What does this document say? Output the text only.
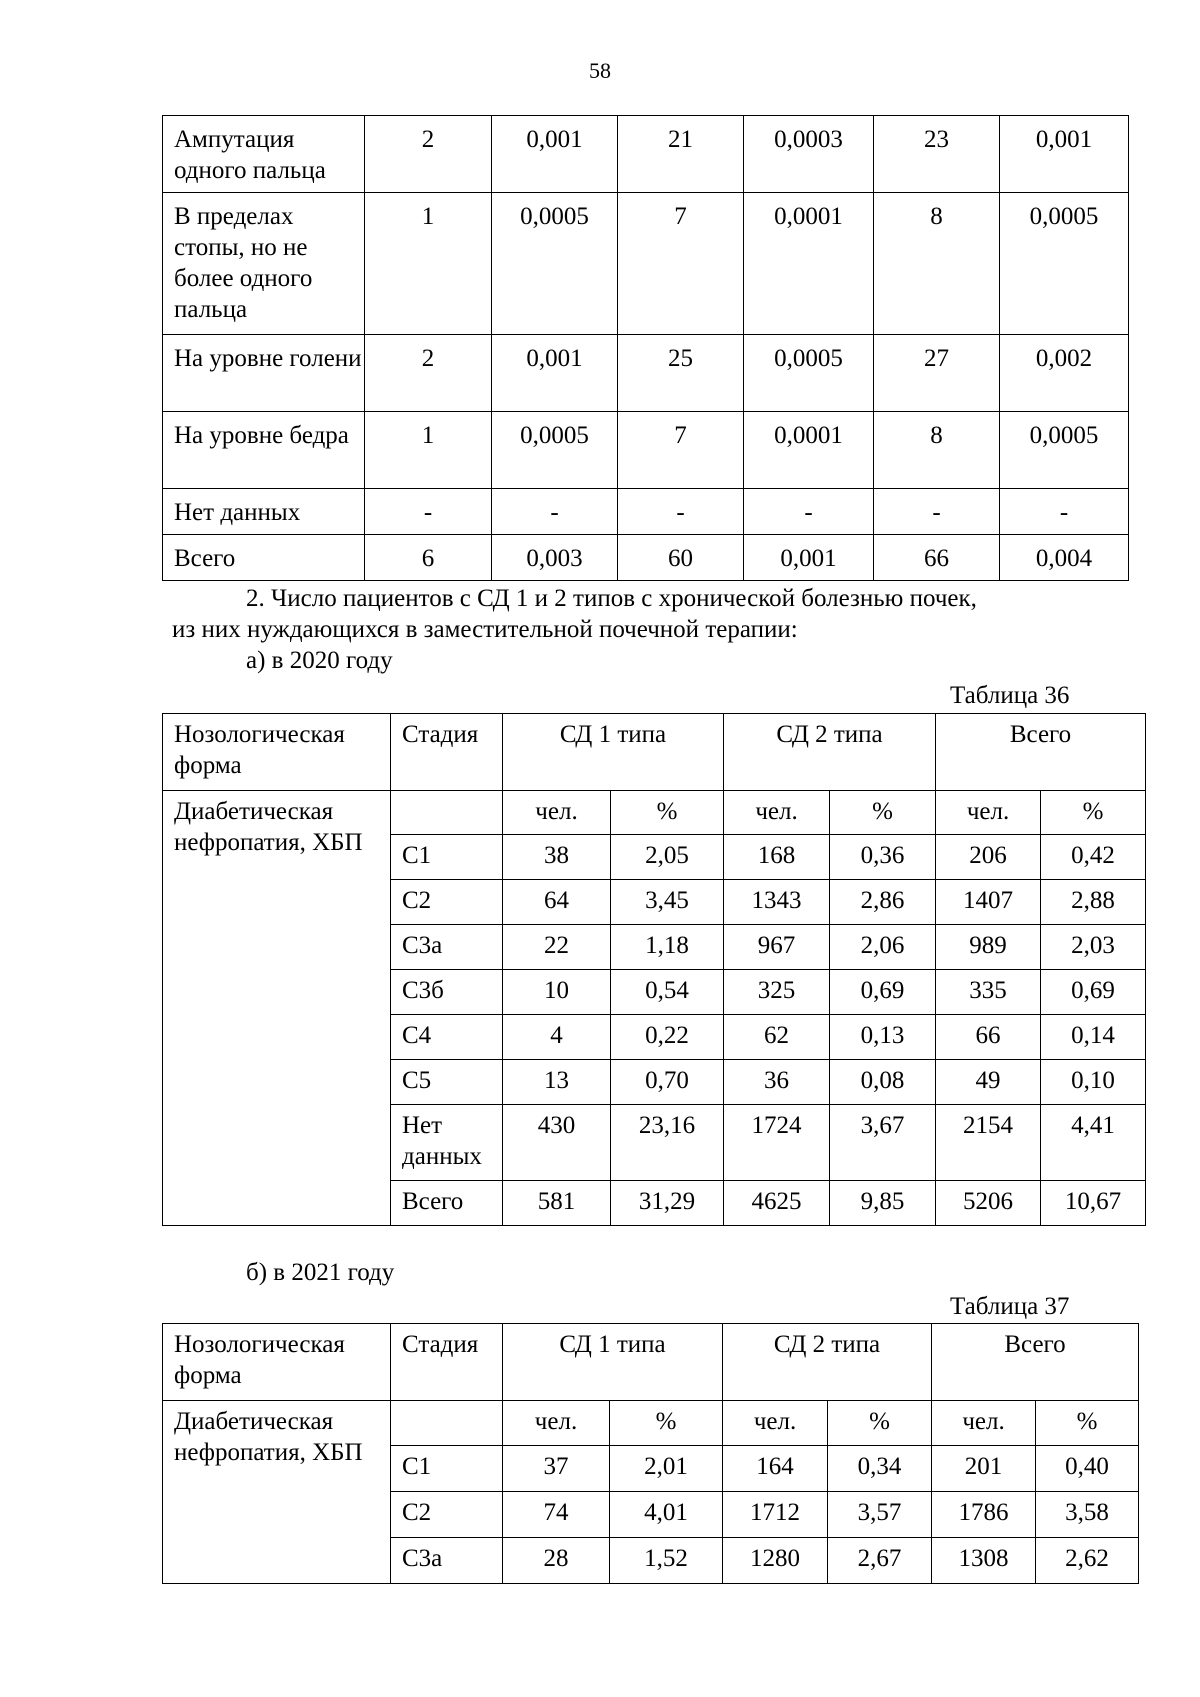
58
Ампутация одного пальца	2	0,001	21	0,0003	23	0,001
В пределах стопы, но не более одного пальца	1	0,0005	7	0,0001	8	0,0005
На уровне голени	2	0,001	25	0,0005	27	0,002
На уровне бедра	1	0,0005	7	0,0001	8	0,0005
Нет данных	-	-	-	-	-	-
Всего	6	0,003	60	0,001	66	0,004
2. Число пациентов с СД 1 и 2 типов с хронической болезнью почек,
из них нуждающихся в заместительной почечной терапии:
а) в 2020 году
Таблица 36
Нозологическая форма	Стадия	СД 1 типа		СД 2 типа		Всего	
Диабетическая нефропатия, ХБП		чел.	%	чел.	%	чел.	%
	С1	38	2,05	168	0,36	206	0,42
	С2	64	3,45	1343	2,86	1407	2,88
	С3а	22	1,18	967	2,06	989	2,03
	С3б	10	0,54	325	0,69	335	0,69
	С4	4	0,22	62	0,13	66	0,14
	С5	13	0,70	36	0,08	49	0,10
	Нет данных	430	23,16	1724	3,67	2154	4,41
	Всего	581	31,29	4625	9,85	5206	10,67
б) в 2021 году
Таблица 37
Нозологическая форма	Стадия	СД 1 типа		СД 2 типа		Всего	
Диабетическая нефропатия, ХБП		чел.	%	чел.	%	чел.	%
	С1	37	2,01	164	0,34	201	0,40
	С2	74	4,01	1712	3,57	1786	3,58
	С3а	28	1,52	1280	2,67	1308	2,62
